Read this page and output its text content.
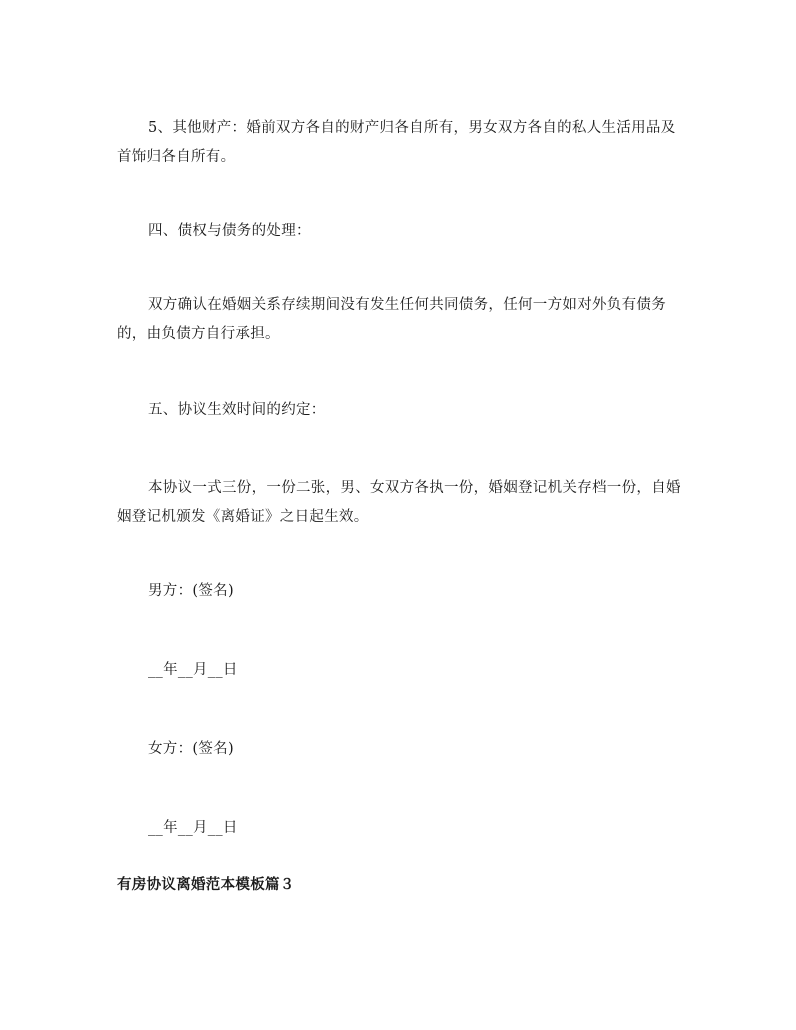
5、其他财产：婚前双方各自的财产归各自所有，男女双方各自的私人生活用品及首饰归各自所有。

四、债权与债务的处理：

双方确认在婚姻关系存续期间没有发生任何共同债务，任何一方如对外负有债务的，由负债方自行承担。

五、协议生效时间的约定：

本协议一式三份，一份二张，男、女双方各执一份，婚姻登记机关存档一份，自婚姻登记机颁发《离婚证》之日起生效。

男方：(签名)

__年__月__日

女方：(签名)

__年__月__日

有房协议离婚范本模板篇３
